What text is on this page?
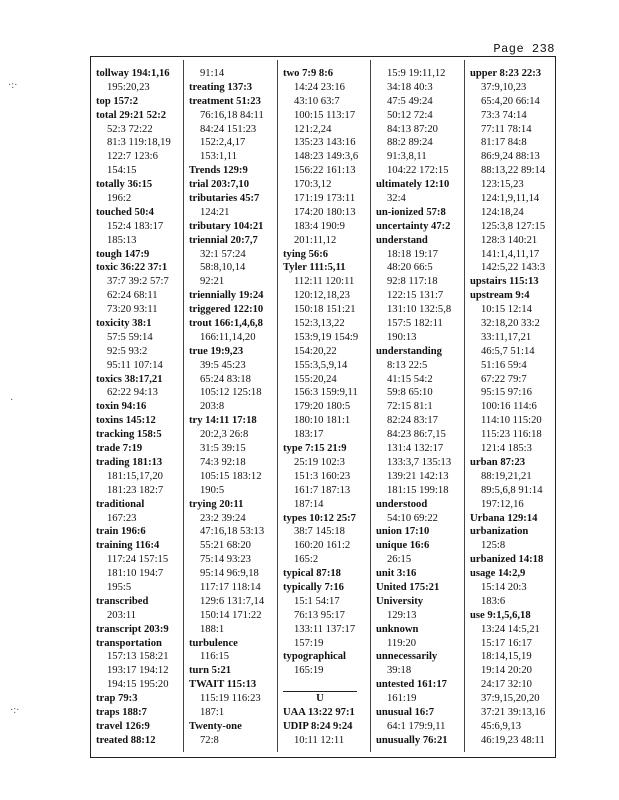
Page 238
tollway 194:1,16
195:20,23
top 157:2
total 29:21 52:2
52:3 72:22
81:3 119:18,19
122:7 123:6
154:15
totally 36:15
196:2
touched 50:4
152:4 183:17
185:13
tough 147:9
toxic 36:22 37:1
37:7 39:2 57:7
62:24 68:11
73:20 93:11
toxicity 38:1
57:5 59:14
92:5 93:2
95:11 107:14
toxics 38:17,21
62:22 94:13
toxin 94:16
toxins 145:12
tracking 158:5
trade 7:19
trading 181:13
181:15,17,20
181:23 182:7
traditional
167:23
train 196:6
training 116:4
117:24 157:15
181:10 194:7
195:5
transcribed
203:11
transcript 203:9
transportation
157:13 158:21
193:17 194:12
194:15 195:20
trap 79:3
traps 188:7
travel 126:9
treated 88:12
91:14
treating 137:3
treatment 51:23
76:16,18 84:11
84:24 151:23
152:2,4,17
153:1,11
Trends 129:9
trial 203:7,10
tributaries 45:7
124:21
tributary 104:21
triennial 20:7,7
32:1 57:24
58:8,10,14
92:21
triennially 19:24
triggered 122:10
trout 166:1,4,6,8
166:11,14,20
true 19:9,23
39:5 45:23
65:24 83:18
105:12 125:18
203:8
try 14:11 17:18
20:2,3 26:8
31:5 39:15
74:3 92:18
105:15 183:12
190:5
trying 20:11
23:2 39:24
47:16,18 53:13
55:21 68:20
75:14 93:23
95:14 96:9,18
117:17 118:14
129:6 131:7,14
150:14 171:22
188:1
turbulence
116:15
turn 5:21
TWAIT 115:13
115:19 116:23
187:1
Twenty-one
72:8
two 7:9 8:6
14:24 23:16
43:10 63:7
100:15 113:17
121:2,24
135:23 143:16
148:23 149:3,6
156:22 161:13
170:3,12
171:19 173:11
174:20 180:13
183:4 190:9
201:11,12
tying 56:6
Tyler 111:5,11
112:11 120:11
120:12,18,23
150:18 151:21
152:3,13,22
153:9,19 154:9
154:20,22
155:3,5,9,14
155:20,24
156:3 159:9,11
179:20 180:5
180:10 181:1
183:17
type 7:15 21:9
25:19 102:3
151:3 160:23
161:7 187:13
187:14
types 10:12 25:7
38:7 145:18
160:20 161:2
165:2
typical 87:18
typically 7:16
15:1 54:17
76:13 95:17
133:11 137:17
157:19
typographical
165:19
U
UAA 13:22 97:1
UDIP 8:24 9:24
10:11 12:11
15:9 19:11,12
34:18 40:3
47:5 49:24
50:12 72:4
84:13 87:20
88:2 89:24
91:3,8,11
104:22 172:15
ultimately 12:10
32:4
un-ionized 57:8
uncertainty 47:2
understand
18:18 19:17
48:20 66:5
92:8 117:18
122:15 131:7
131:10 132:5,8
157:5 182:11
190:13
understanding
8:13 22:5
41:15 54:2
59:8 65:10
72:15 81:1
82:24 83:17
84:23 86:7,15
131:4 132:17
133:3,7 135:13
139:21 142:13
181:15 199:18
understood
54:10 69:22
union 17:10
unique 16:6
26:15
unit 3:16
United 175:21
University
129:13
unknown
119:20
unnecessarily
39:18
untested 161:17
161:19
unusual 16:7
64:1 179:9,11
unusually 76:21
upper 8:23 22:3
37:9,10,23
65:4,20 66:14
73:3 74:14
77:11 78:14
81:17 84:8
86:9,24 88:13
88:13,22 89:14
123:15,23
124:1,9,11,14
124:18,24
125:3,8 127:15
128:3 140:21
141:1,4,11,17
142:5,22 143:3
upstairs 115:13
upstream 9:4
10:15 12:14
32:18,20 33:2
33:11,17,21
46:5,7 51:14
51:16 59:4
67:22 79:7
95:15 97:16
100:16 114:6
114:10 115:20
115:23 116:18
121:4 185:3
urban 87:23
88:19,21,21
89:5,6,8 91:14
197:12,16
Urbana 129:14
urbanization
125:8
urbanized 14:18
usage 14:2,9
15:14 20:3
183:6
use 9:1,5,6,18
13:24 14:5,21
15:17 16:17
18:14,15,19
19:14 20:20
24:17 32:10
37:9,15,20,20
37:21 39:13,16
45:6,9,13
46:19,23 48:11
·:·
·
·:·
